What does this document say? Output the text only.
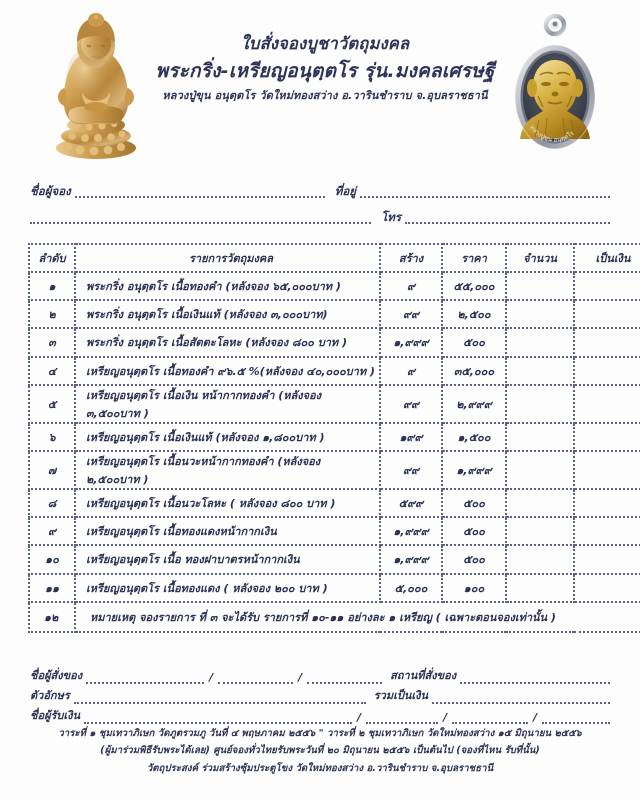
ใบสั่งจองบูชาวัตถุมงคล
พระกริ่ง-เหรียญอนุตฺตโร รุ่น.มงคลเศรษฐี
หลวงปู่ขุน อนุตฺตโร วัดใหม่ทองสว่าง อ.วารินชำราบ จ.อุบลราชธานี
หลวงปู่ขุน อนุตฺตโร
ชื่อผู้จอง	ที่อยู่
โทร
ลำดับ	รายการวัตถุมงคล	สร้าง	ราคา	จำนวน	เป็นเงิน
๑	พระกริ่ง อนุตฺตโร เนื้อทองคำ (หลังจอง ๖๕,๐๐๐บาท )	๙	๕๕,๐๐๐		
๒	พระกริ่ง อนุตฺตโร เนื้อเงินแท้ (หลังจอง ๓,๐๐๐บาท)	๙๙	๒,๕๐๐		
๓	พระกริ่ง อนุตฺตโร เนื้อสัตตะโลหะ (หลังจอง ๘๐๐ บาท )	๑,๙๙๙	๕๐๐		
๔	เหรียญอนุตฺตโร เนื้อทองคำ ๙๖.๕ %(หลังจอง ๔๐,๐๐๐บาท )	๙	๓๕,๐๐๐		
๕	เหรียญอนุตฺตโร เนื้อเงิน หน้ากากทองคำ (หลังจอง ๓,๕๐๐บาท )	๙๙	๒,๙๙๙		
๖	เหรียญอนุตฺตโร เนื้อเงินแท้ (หลังจอง ๑,๘๐๐บาท )	๑๙๙	๑,๕๐๐		
๗	เหรียญอนุตฺตโร เนื้อนวะหน้ากากทองคำ (หลังจอง ๒,๕๐๐บาท )	๙๙	๑,๙๙๙		
๘	เหรียญอนุตฺตโร เนื้อนวะโลหะ ( หลังจอง ๘๐๐ บาท )	๕๙๙	๕๐๐		
๙	เหรียญอนุตฺตโร เนื้อทองแดงหน้ากากเงิน	๑,๙๙๙	๕๐๐		
๑๐	เหรียญอนุตฺตโร เนื้อ ทองฝาบาตรหน้ากากเงิน	๑,๙๙๙	๕๐๐		
๑๑	เหรียญอนุตฺตโร เนื้อทองแดง ( หลังจอง ๒๐๐ บาท )	๕,๐๐๐	๑๐๐		
๑๒	หมายเหตุ จองรายการ ที่ ๓ จะได้รับ รายการที่ ๑๐-๑๑ อย่างละ ๑ เหรียญ ( เฉพาะตอนจองเท่านั้น )				
ชื่อผู้สั่งของ	/	/	สถานที่สั่งของ
ตัวอักษร	รวมเป็นเงิน
ชื่อผู้รับเงิน	/	/	/
วาระที่ ๑ ชุมเทวาภิเษก วัดภูตรวมภู วันที่ ๔ พฤษภาคม ๒๕๕๖ " วาระที่ ๒ ชุมเทวาภิเษก วัดใหม่ทองสว่าง ๑๕ มิถุนายน ๒๕๕๖
(ผู้มาร่วมพิธีรับพระได้เลย) ศูนย์จองทั่วไทยรับพระวันที่ ๒๐ มิถุนายน ๒๕๕๖ เป็นต้นไป (จองที่ไหน รับที่นั้น)
วัตถุประสงค์ ร่วมสร้างซุ้มประตูโขง วัดใหม่ทองสว่าง อ.วารินชำราบ จ.อุบลราชธานี
